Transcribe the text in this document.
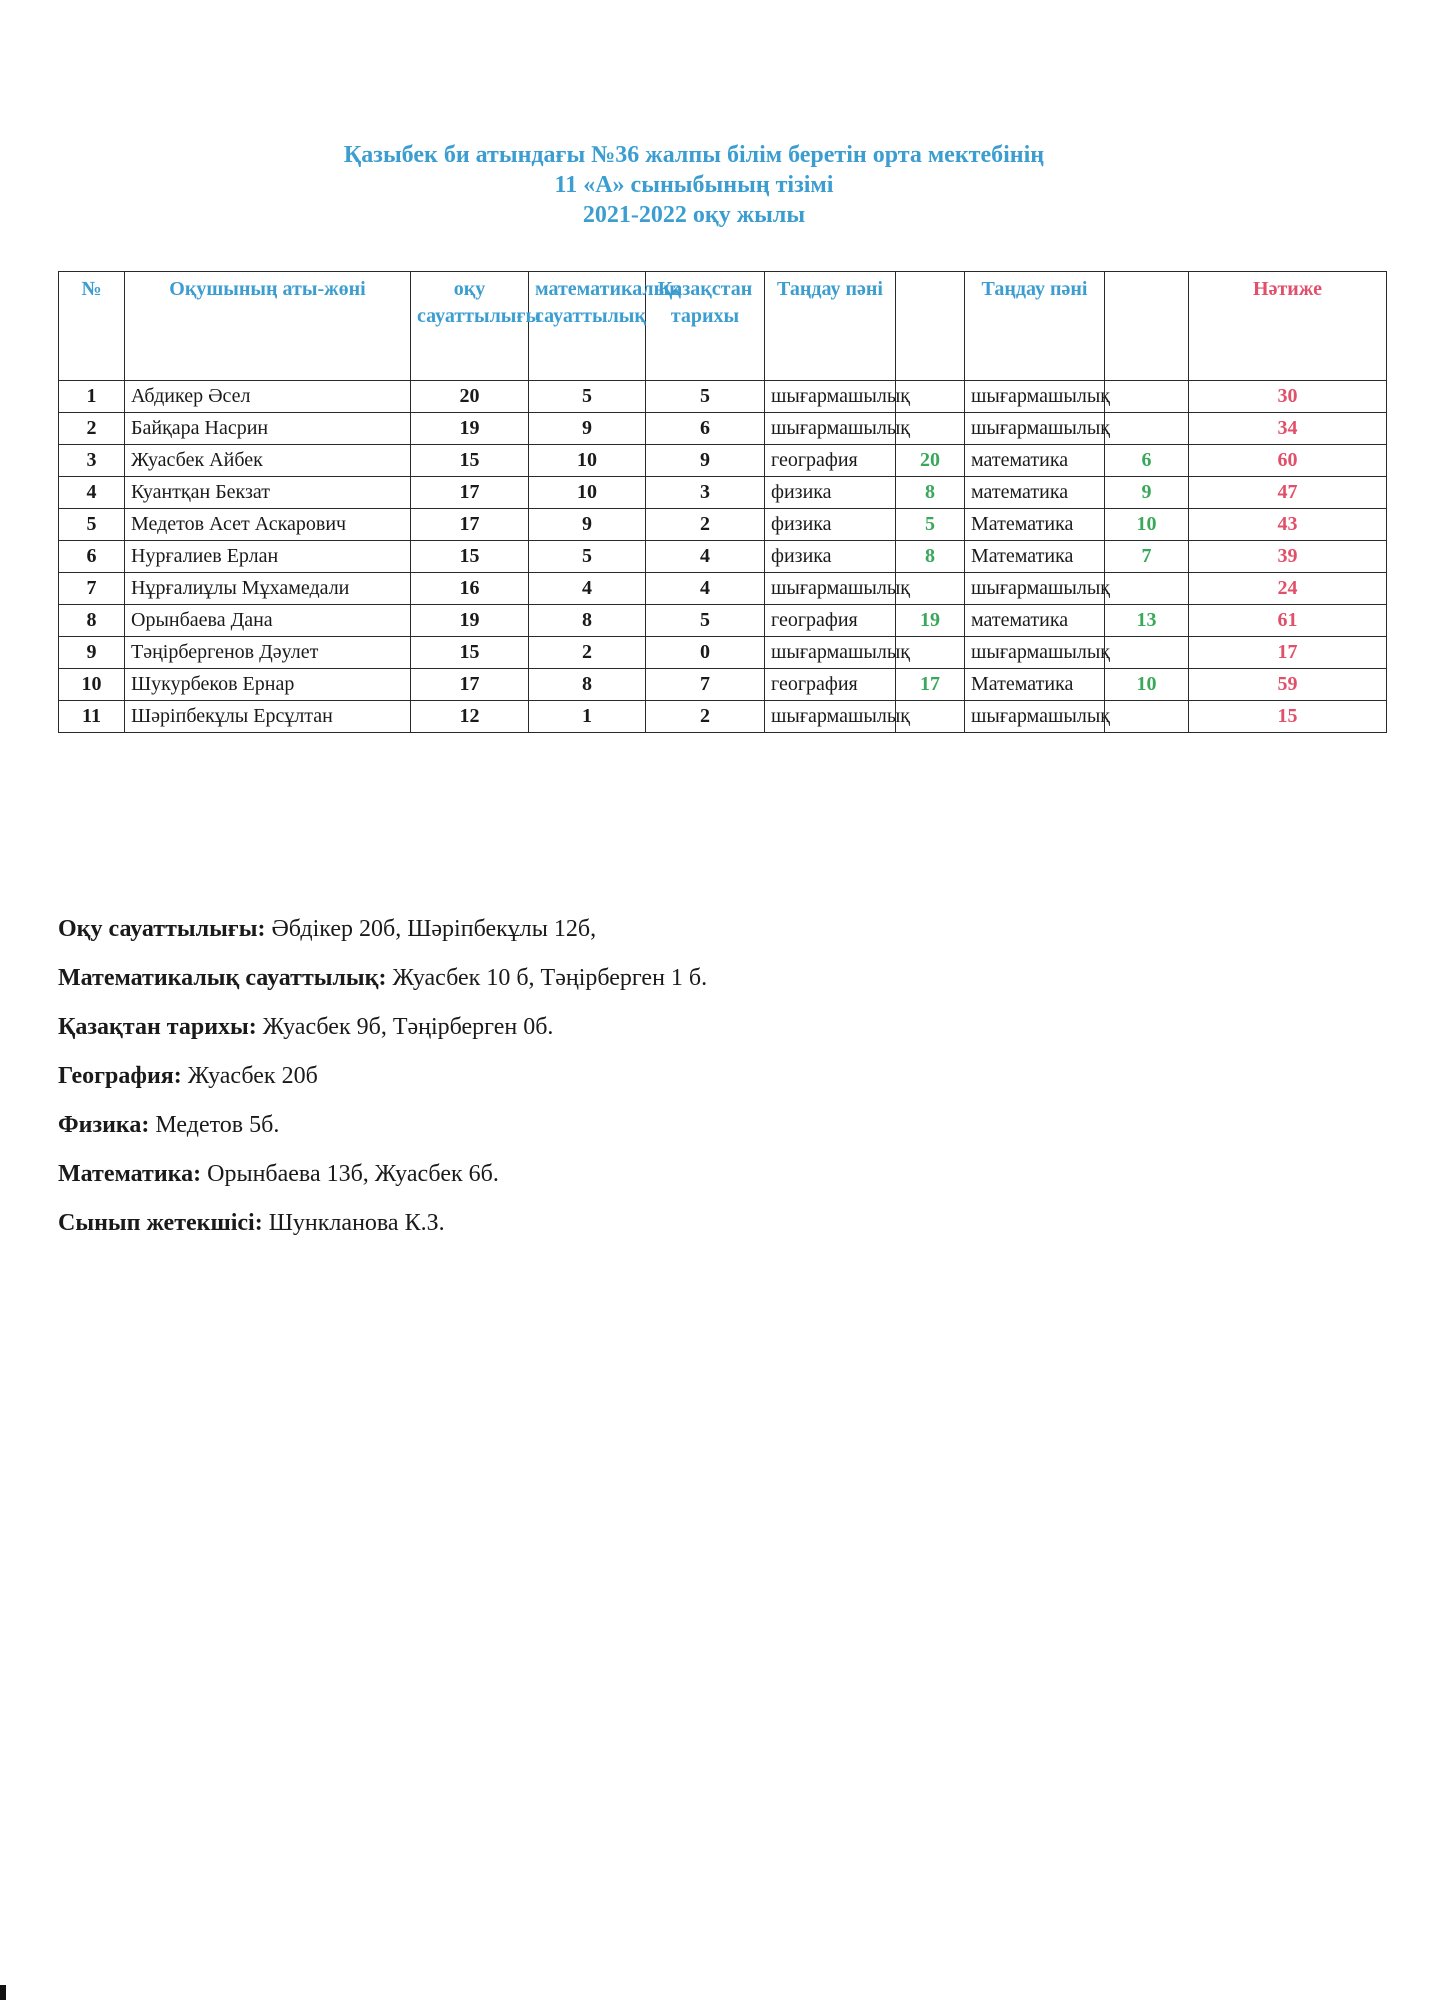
Қазыбек би атындағы №36 жалпы білім беретін орта мектебінің
11 «А» сыныбының тізімі
2021-2022 оқу жылы
№	Оқушының аты-жөні	оқу сауаттылығы	математикалық сауаттылық	Қазақстан тарихы	Таңдау пәні		Таңдау пәні		Нәтиже
1	Абдикер Әсел	20	5	5	шығармашылық		шығармашылық		30
2	Байқара Насрин	19	9	6	шығармашылық		шығармашылық		34
3	Жуасбек Айбек	15	10	9	география	20	математика	6	60
4	Куантқан Бекзат	17	10	3	физика	8	математика	9	47
5	Медетов Асет Аскарович	17	9	2	физика	5	Математика	10	43
6	Нурғалиев Ерлан	15	5	4	физика	8	Математика	7	39
7	Нұрғалиұлы Мұхамедали	16	4	4	шығармашылық		шығармашылық		24
8	Орынбаева Дана	19	8	5	география	19	математика	13	61
9	Тәңірбергенов Дәулет	15	2	0	шығармашылық		шығармашылық		17
10	Шукурбеков Ернар	17	8	7	география	17	Математика	10	59
11	Шәріпбекұлы Ерсұлтан	12	1	2	шығармашылық		шығармашылық		15
Оқу сауаттылығы: Әбдікер 20б, Шәріпбекұлы 12б,
Математикалық сауаттылық: Жуасбек 10 б, Тәңірберген 1 б.
Қазақтан тарихы: Жуасбек 9б, Тәңірберген 0б.
География: Жуасбек 20б
Физика: Медетов 5б.
Математика: Орынбаева 13б, Жуасбек 6б.
Сынып жетекшісі: Шункланова К.З.
